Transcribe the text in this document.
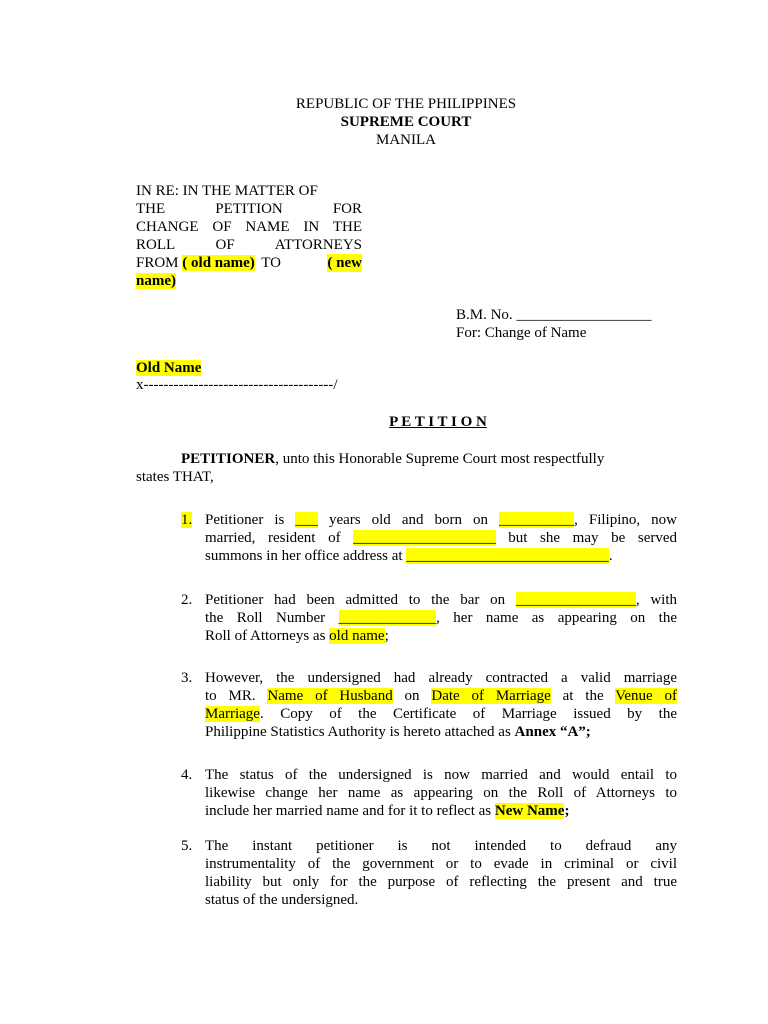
REPUBLIC OF THE PHILIPPINES
SUPREME COURT
MANILA
IN RE: IN THE MATTER OF
THE PETITION FOR
CHANGE OF NAME IN THE
ROLL OF ATTORNEYS
FROM ( old name) TO	( new
name)
B.M. No. __________________
For: Change of Name
Old Name
x--------------------------------------/
P E T I T I O N
PETITIONER, unto this Honorable Supreme Court most respectfully
states THAT,
1. Petitioner is ___ years old and born on __________, Filipino, now
married, resident of ___________________ but she may be served
summons in her office address at ___________________________.
2. Petitioner had been admitted to the bar on ________________, with
the Roll Number _____________, her name as appearing on the
Roll of Attorneys as old name;
3. However, the undersigned had already contracted a valid marriage
to MR. Name of Husband on Date of Marriage at the Venue of
Marriage. Copy of the Certificate of Marriage issued by the
Philippine Statistics Authority is hereto attached as Annex “A”;
4. The status of the undersigned is now married and would entail to
likewise change her name as appearing on the Roll of Attorneys to
include her married name and for it to reflect as New Name;
5. The instant petitioner is not intended to defraud any
instrumentality of the government or to evade in criminal or civil
liability but only for the purpose of reflecting the present and true
status of the undersigned.
